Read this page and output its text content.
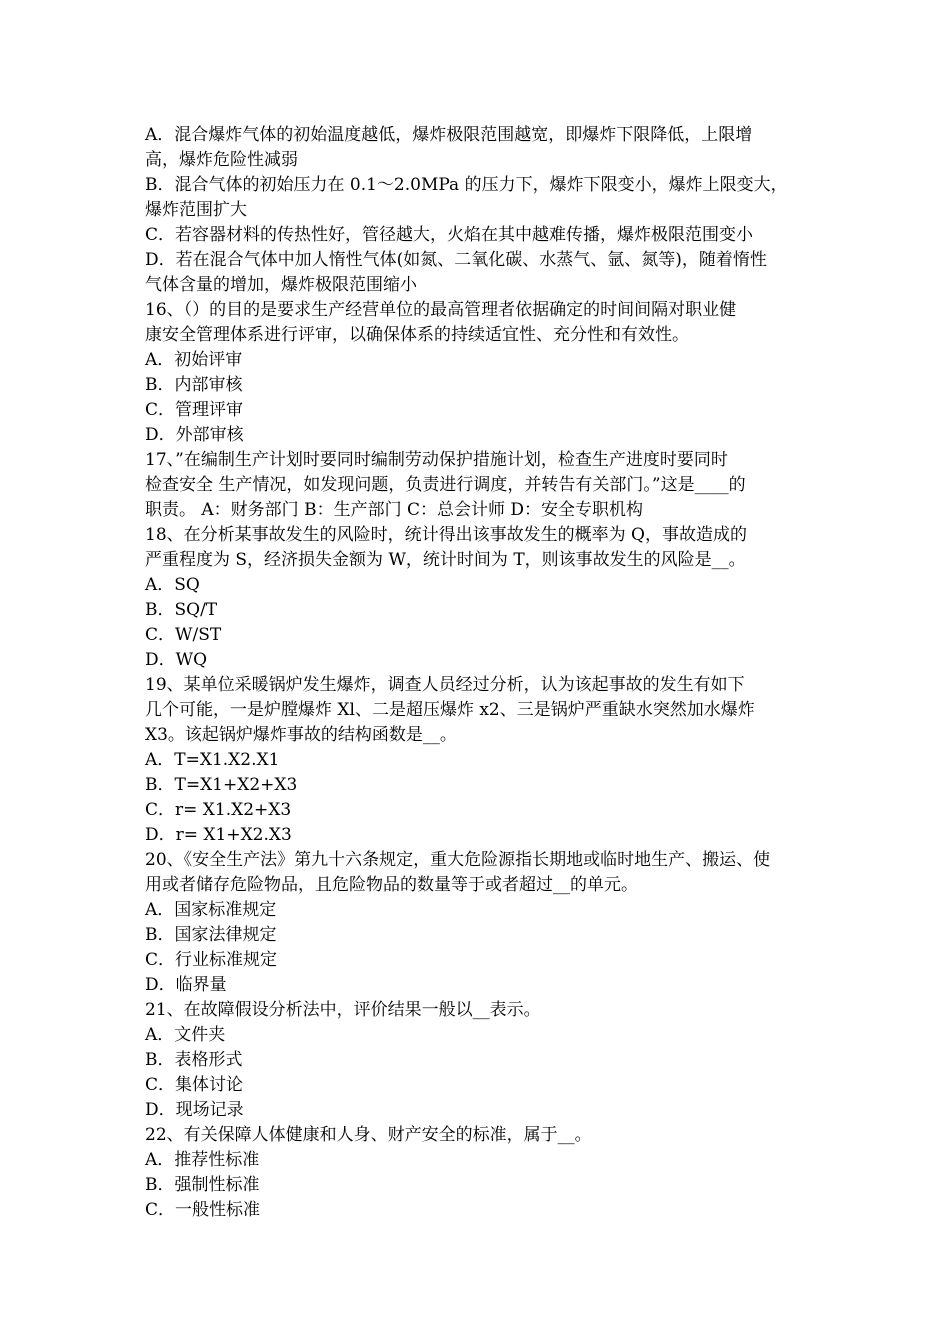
A．混合爆炸气体的初始温度越低，爆炸极限范围越宽，即爆炸下限降低，上限增
高，爆炸危险性减弱
B．混合气体的初始压力在 0.1～2.0MPa 的压力下，爆炸下限变小，爆炸上限变大，
爆炸范围扩大
C．若容器材料的传热性好，管径越大，火焰在其中越难传播，爆炸极限范围变小
D．若在混合气体中加人惰性气体(如氮、二氧化碳、水蒸气、氩、氮等)，随着惰性
气体含量的增加，爆炸极限范围缩小
16、（）的目的是要求生产经营单位的最高管理者依据确定的时间间隔对职业健
康安全管理体系进行评审，以确保体系的持续适宜性、充分性和有效性。
A．初始评审
B．内部审核
C．管理评审
D．外部审核
17、”在编制生产计划时要同时编制劳动保护措施计划，检查生产进度时要同时
检查安全 生产情况，如发现问题，负责进行调度，并转告有关部门。”这是____的
职责。 A：财务部门 B：生产部门 C：总会计师 D：安全专职机构
18、在分析某事故发生的风险时，统计得出该事故发生的概率为 Q，事故造成的
严重程度为 S，经济损失金额为 W，统计时间为 T，则该事故发生的风险是__。
A．SQ
B．SQ/T
C．W/ST
D．WQ
19、某单位采暖锅炉发生爆炸，调查人员经过分析，认为该起事故的发生有如下
几个可能，一是炉膛爆炸 Xl、二是超压爆炸 x2、三是锅炉严重缺水突然加水爆炸
X3。该起锅炉爆炸事故的结构函数是__。
A．T=X1.X2.X1
B．T=X1+X2+X3
C．r= X1.X2+X3
D．r= X1+X2.X3
20、《安全生产法》第九十六条规定，重大危险源指长期地或临时地生产、搬运、使
用或者储存危险物品，且危险物品的数量等于或者超过__的单元。
A．国家标准规定
B．国家法律规定
C．行业标准规定
D．临界量
21、在故障假设分析法中，评价结果一般以__表示。
A．文件夹
B．表格形式
C．集体讨论
D．现场记录
22、有关保障人体健康和人身、财产安全的标准，属于__。
A．推荐性标准
B．强制性标准
C．一般性标准
